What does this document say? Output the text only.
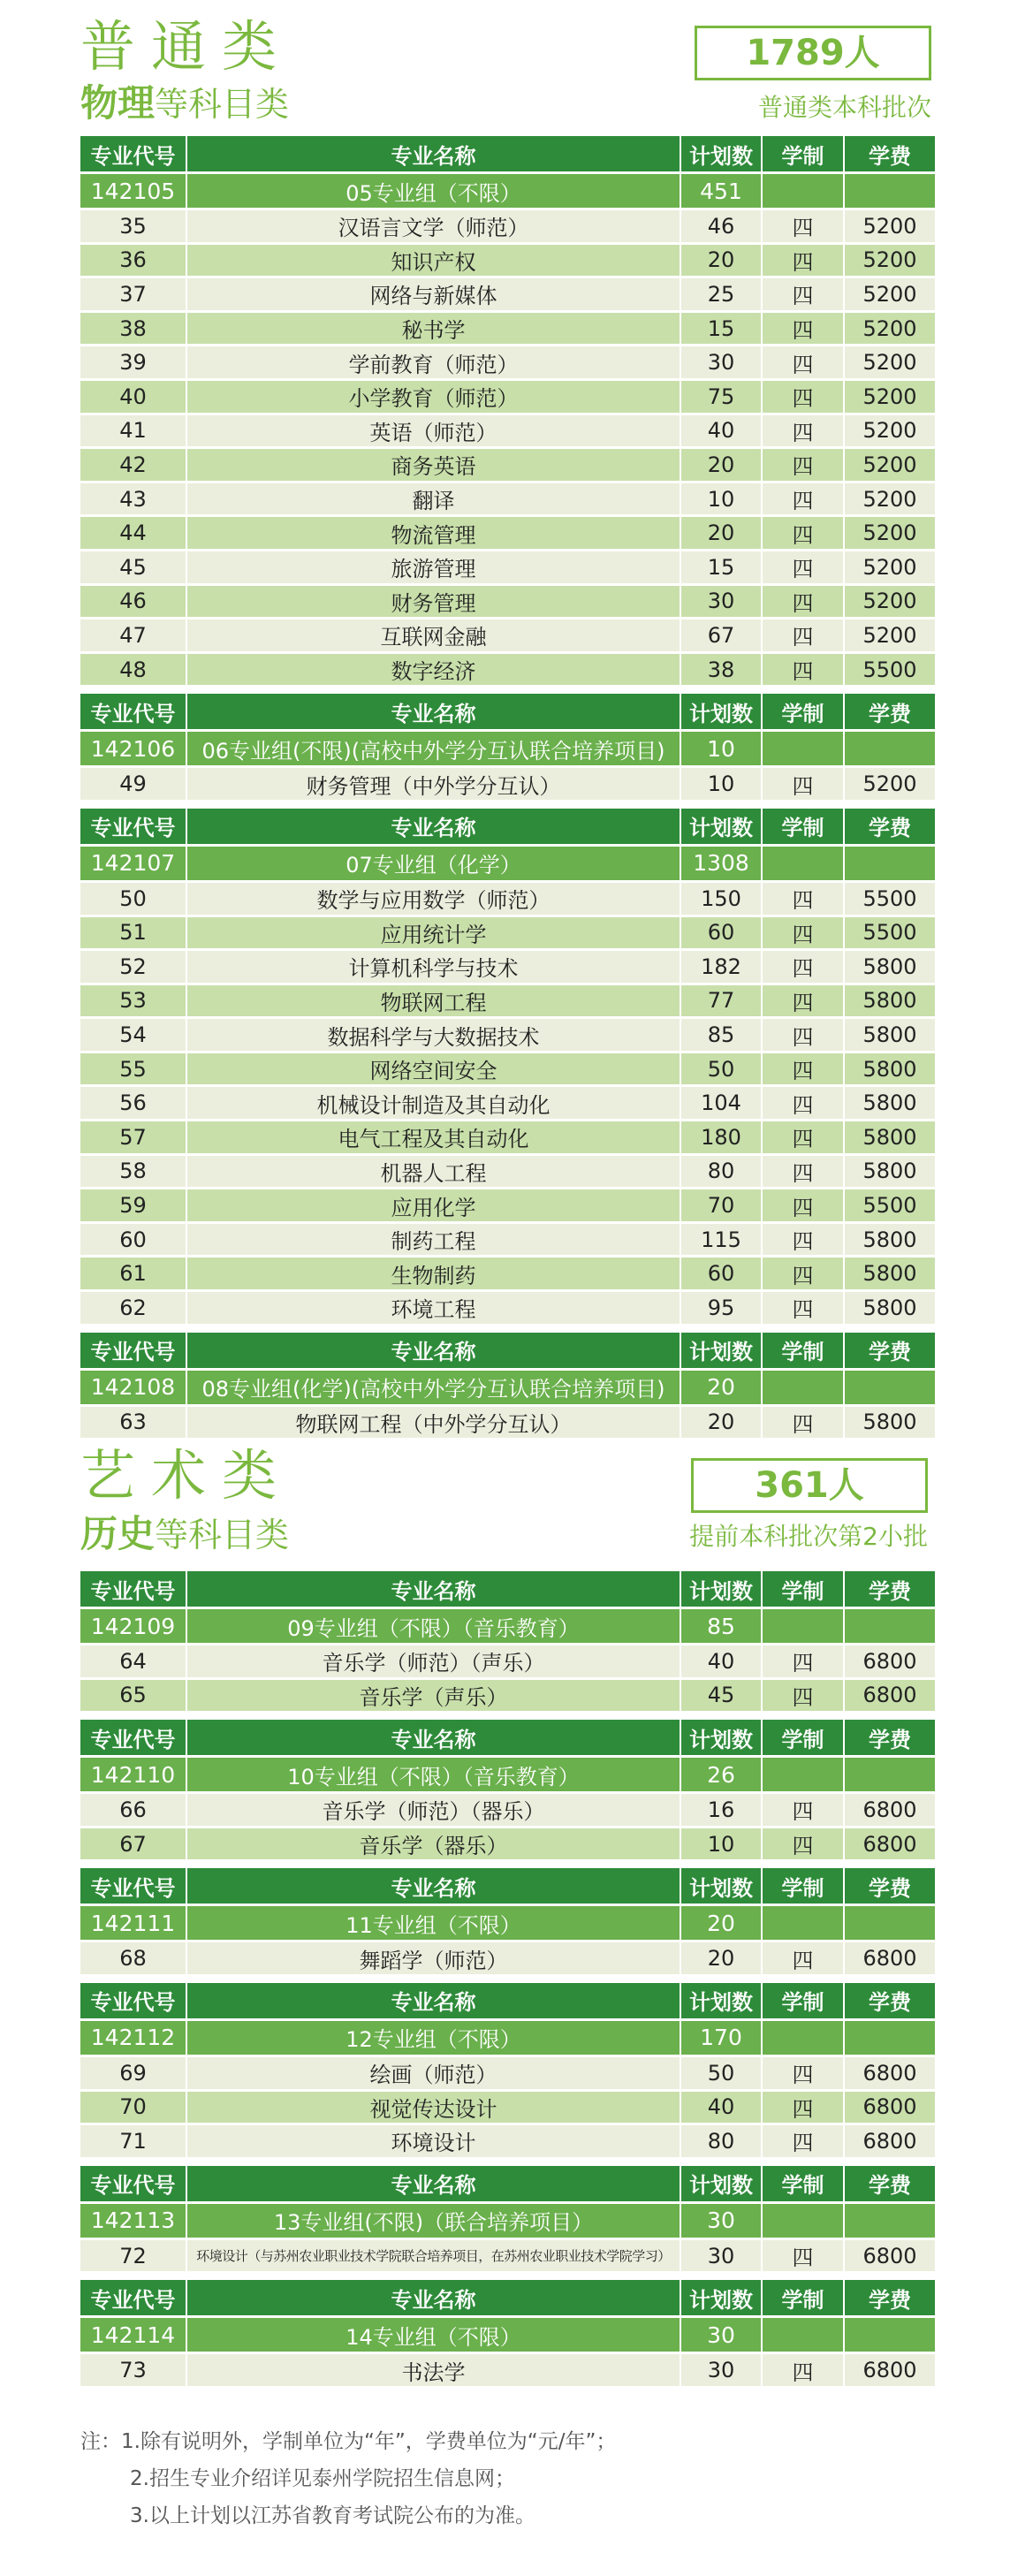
普通类
物理等科目类
1789人
普通类本科批次
专业代号	专业名称	计划数	学制	学费
142105	05专业组（不限）	451
35	汉语言文学（师范）	46	四	5200
36	知识产权	20	四	5200
37	网络与新媒体	25	四	5200
38	秘书学	15	四	5200
39	学前教育（师范）	30	四	5200
40	小学教育（师范）	75	四	5200
41	英语（师范）	40	四	5200
42	商务英语	20	四	5200
43	翻译	10	四	5200
44	物流管理	20	四	5200
45	旅游管理	15	四	5200
46	财务管理	30	四	5200
47	互联网金融	67	四	5200
48	数字经济	38	四	5500
专业代号	专业名称	计划数	学制	学费
142106	06专业组(不限)(高校中外学分互认联合培养项目)	10
49	财务管理（中外学分互认）	10	四	5200
专业代号	专业名称	计划数	学制	学费
142107	07专业组（化学）	1308
50	数学与应用数学（师范）	150	四	5500
51	应用统计学	60	四	5500
52	计算机科学与技术	182	四	5800
53	物联网工程	77	四	5800
54	数据科学与大数据技术	85	四	5800
55	网络空间安全	50	四	5800
56	机械设计制造及其自动化	104	四	5800
57	电气工程及其自动化	180	四	5800
58	机器人工程	80	四	5800
59	应用化学	70	四	5500
60	制药工程	115	四	5800
61	生物制药	60	四	5800
62	环境工程	95	四	5800
专业代号	专业名称	计划数	学制	学费
142108	08专业组(化学)(高校中外学分互认联合培养项目)	20
63	物联网工程（中外学分互认）	20	四	5800
艺术类
历史等科目类
361人
提前本科批次第2小批
专业代号	专业名称	计划数	学制	学费
142109	09专业组（不限）（音乐教育）	85
64	音乐学（师范）（声乐）	40	四	6800
65	音乐学（声乐）	45	四	6800
专业代号	专业名称	计划数	学制	学费
142110	10专业组（不限）（音乐教育）	26
66	音乐学（师范）（器乐）	16	四	6800
67	音乐学（器乐）	10	四	6800
专业代号	专业名称	计划数	学制	学费
142111	11专业组（不限）	20
68	舞蹈学（师范）	20	四	6800
专业代号	专业名称	计划数	学制	学费
142112	12专业组（不限）	170
69	绘画（师范）	50	四	6800
70	视觉传达设计	40	四	6800
71	环境设计	80	四	6800
专业代号	专业名称	计划数	学制	学费
142113	13专业组(不限)（联合培养项目）	30
72	环境设计（与苏州农业职业技术学院联合培养项目，在苏州农业职业技术学院学习）	30	四	6800
专业代号	专业名称	计划数	学制	学费
142114	14专业组（不限）	30
73	书法学	30	四	6800
注：1.除有说明外，学制单位为“年”，学费单位为“元/年”；
2.招生专业介绍详见泰州学院招生信息网；
3.以上计划以江苏省教育考试院公布的为准。
